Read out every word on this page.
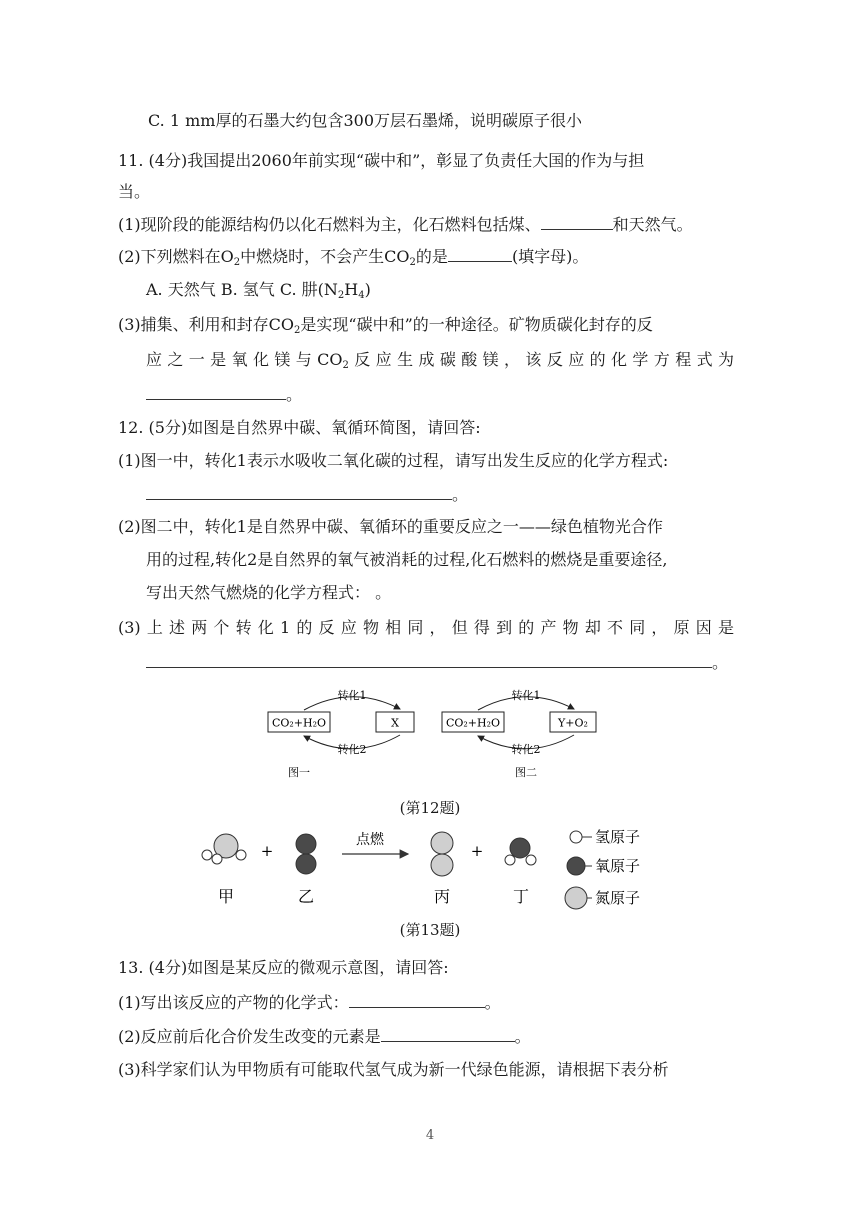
C. 1 mm厚的石墨大约包含300万层石墨烯，说明碳原子很小
11. (4分)我国提出2060年前实现“碳中和”，彰显了负责任大国的作为与担
当。
(1)现阶段的能源结构仍以化石燃料为主，化石燃料包括煤、	和天然气。
(2)下列燃料在$O_2$中燃烧时，不会产生$CO_2$的是	(填字母)。
A. 天然气 B. 氢气 C. 肼$(N_2H_4)$
(3)捕集、利用和封存$CO_2$是实现“碳中和”的一种途径。矿物质碳化封存的反
应之一是氧化镁与$CO_2$反应生成碳酸镁，该反应的化学方程式为
。
12. (5分)如图是自然界中碳、氧循环简图，请回答:
(1)图一中，转化1表示水吸收二氧化碳的过程，请写出发生反应的化学方程式:
。
(2)图二中，转化1是自然界中碳、氧循环的重要反应之一——绿色植物光合作
用的过程,转化2是自然界的氧气被消耗的过程,化石燃料的燃烧是重要途径,
写出天然气燃烧的化学方程式： 。
(3)上述两个转化1的反应物相同，但得到的产物却不同，原因是
。
CO₂+H₂O	X
转化1
转化2
图一
CO₂+H₂O	Y+O₂
转化1
转化2
图二
(第12题)
+
点燃
+
甲	乙	丙	丁
氢原子
氧原子
氮原子
(第13题)
13. (4分)如图是某反应的微观示意图，请回答:
(1)写出该反应的产物的化学式：	。
(2)反应前后化合价发生改变的元素是	。
(3)科学家们认为甲物质有可能取代氢气成为新一代绿色能源，请根据下表分析
4
